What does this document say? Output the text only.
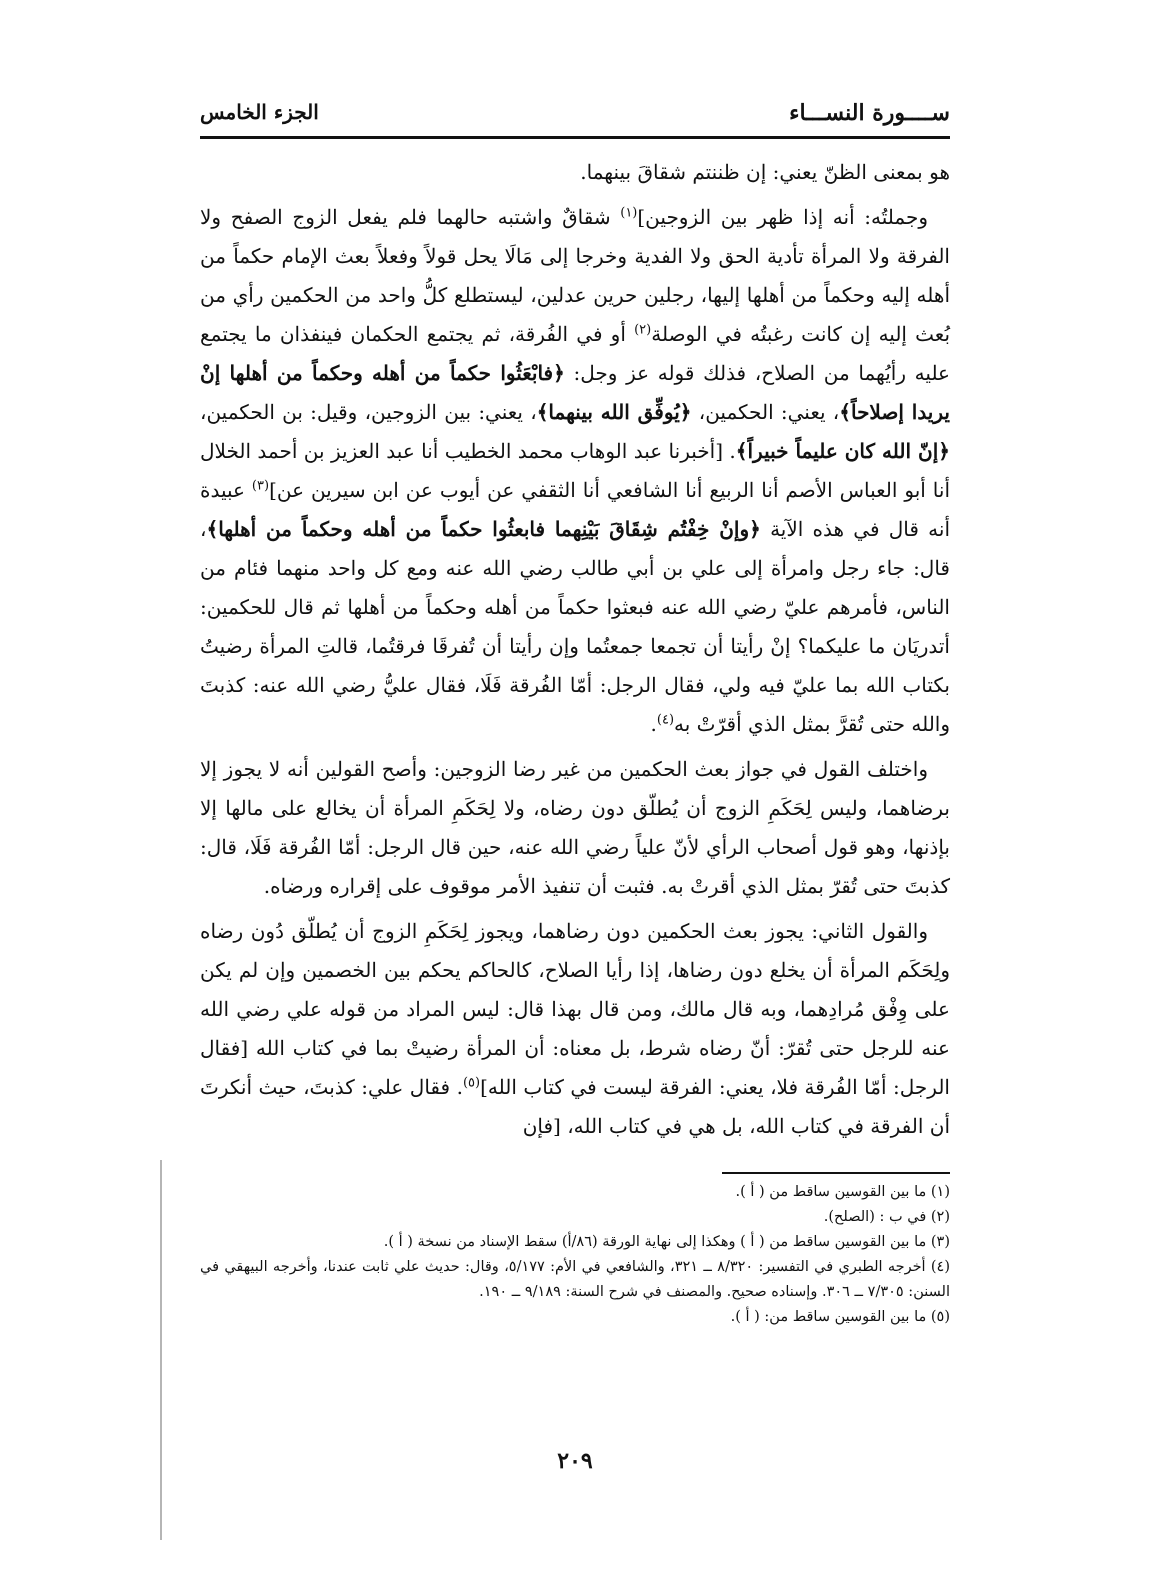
ســــورة النســـاء
الجزء الخامس

هو بمعنى الظنّ يعني: إن ظننتم شقاقَ بينهما.

وجملتُه: أنه إذا ظهر بين الزوجين]$^{(١)}$ شقاقٌ واشتبه حالهما فلم يفعل الزوج الصفح ولا الفرقة ولا المرأة تأدية الحق ولا الفدية وخرجا إلى مَالَا يحل قولاً وفعلاً بعث الإمام حكماً من أهله إليه وحكماً من أهلها إليها، رجلين حرين عدلين، ليستطلع كلُّ واحد من الحكمين رأي من بُعث إليه إن كانت رغبتُه في الوصلة$^{(٢)}$ أو في الفُرقة، ثم يجتمع الحكمان فينفذان ما يجتمع عليه رأيُهما من الصلاح، فذلك قوله عز وجل: ﴿فابْعَثُوا حكماً من أهله وحكماً من أهلها إنْ يريدا إصلاحاً﴾، يعني: الحكمين، ﴿يُوفِّق الله بينهما﴾، يعني: بين الزوجين، وقيل: بن الحكمين، ﴿إنّ الله كان عليماً خبيراً﴾. [أخبرنا عبد الوهاب محمد الخطيب أنا عبد العزيز بن أحمد الخلال أنا أبو العباس الأصم أنا الربيع أنا الشافعي أنا الثقفي عن أيوب عن ابن سيرين عن]$^{(٣)}$ عبيدة أنه قال في هذه الآية ﴿وإنْ خِفْتُم شِقَاقَ بَيْنِهما فابعثُوا حكماً من أهله وحكماً من أهلها﴾، قال: جاء رجل وامرأة إلى علي بن أبي طالب رضي الله عنه ومع كل واحد منهما فئام من الناس، فأمرهم عليّ رضي الله عنه فبعثوا حكماً من أهله وحكماً من أهلها ثم قال للحكمين: أتدريَان ما عليكما؟ إنْ رأيتا أن تجمعا جمعتُما وإن رأيتا أن تُفرقَا فرقتُما، قالتِ المرأة رضيتُ بكتاب الله بما عليّ فيه ولي، فقال الرجل: أمّا الفُرقة فَلَا، فقال عليُّ رضي الله عنه: كذبتَ والله حتى تُقرَّ بمثل الذي أقرّتْ به$^{(٤)}$.

واختلف القول في جواز بعث الحكمين من غير رضا الزوجين: وأصح القولين أنه لا يجوز إلا برضاهما، وليس لِحَكَمِ الزوج أن يُطلّق دون رضاه، ولا لِحَكَمِ المرأة أن يخالع على مالها إلا بإذنها، وهو قول أصحاب الرأي لأنّ علياً رضي الله عنه، حين قال الرجل: أمّا الفُرقة فَلَا، قال: كذبتَ حتى تُقرّ بمثل الذي أقرتْ به. فثبت أن تنفيذ الأمر موقوف على إقراره ورضاه.

والقول الثاني: يجوز بعث الحكمين دون رضاهما، ويجوز لِحَكَمِ الزوج أن يُطلّق دُون رضاه ولِحَكَم المرأة أن يخلع دون رضاها، إذا رأيا الصلاح، كالحاكم يحكم بين الخصمين وإن لم يكن على وِفْق مُرادِهما، وبه قال مالك، ومن قال بهذا قال: ليس المراد من قوله علي رضي الله عنه للرجل حتى تُقرّ: أنّ رضاه شرط، بل معناه: أن المرأة رضيتْ بما في كتاب الله [فقال الرجل: أمّا الفُرقة فلا، يعني: الفرقة ليست في كتاب الله]$^{(٥)}$. فقال علي: كذبتَ، حيث أنكرتَ أن الفرقة في كتاب الله، بل هي في كتاب الله، [فإن

(١) ما بين القوسين ساقط من ( أ ).

(٢) في ب : (الصلح).

(٣) ما بين القوسين ساقط من ( أ ) وهكذا إلى نهاية الورقة (٨٦/أ) سقط الإسناد من نسخة ( أ ).

(٤) أخرجه الطبري في التفسير: ٨/٣٢٠ ــ ٣٢١، والشافعي في الأم: ٥/١٧٧، وقال: حديث علي ثابت عندنا، وأخرجه البيهقي في السنن: ٧/٣٠٥ ــ ٣٠٦. وإسناده صحيح. والمصنف في شرح السنة: ٩/١٨٩ ــ ١٩٠.

(٥) ما بين القوسين ساقط من: ( أ ).

٢٠٩
